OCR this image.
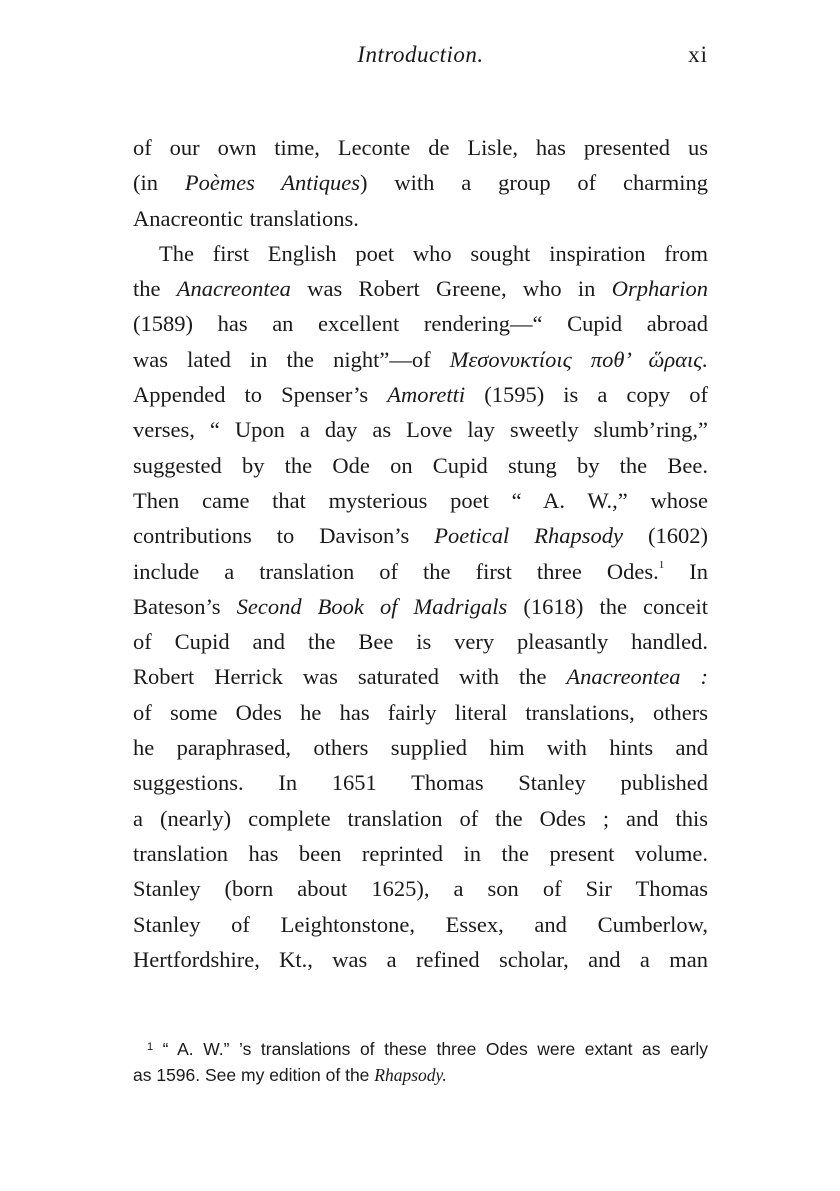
Introduction.	xi
of our own time, Leconte de Lisle, has presented us
(in Poèmes Antiques) with a group of charming
Anacreontic translations.
The first English poet who sought inspiration from
the Anacreontea was Robert Greene, who in Orpharion
(1589) has an excellent rendering—“ Cupid abroad
was lated in the night”—of Μεσονυκτίοις ποθ’ ὥραις.
Appended to Spenser’s Amoretti (1595) is a copy of
verses, “ Upon a day as Love lay sweetly slumb’ring,”
suggested by the Ode on Cupid stung by the Bee.
Then came that mysterious poet “ A. W.,” whose
contributions to Davison’s Poetical Rhapsody (1602)
include a translation of the first three Odes.$^1$ In
Bateson’s Second Book of Madrigals (1618) the conceit
of Cupid and the Bee is very pleasantly handled.
Robert Herrick was saturated with the Anacreontea :
of some Odes he has fairly literal translations, others
he paraphrased, others supplied him with hints and
suggestions. In 1651 Thomas Stanley published
a (nearly) complete translation of the Odes ; and this
translation has been reprinted in the present volume.
Stanley (born about 1625), a son of Sir Thomas
Stanley of Leightonstone, Essex, and Cumberlow,
Hertfordshire, Kt., was a refined scholar, and a man
$^1$ “ A. W.” ’s translations of these three Odes were extant as early
as 1596. See my edition of the Rhapsody.
